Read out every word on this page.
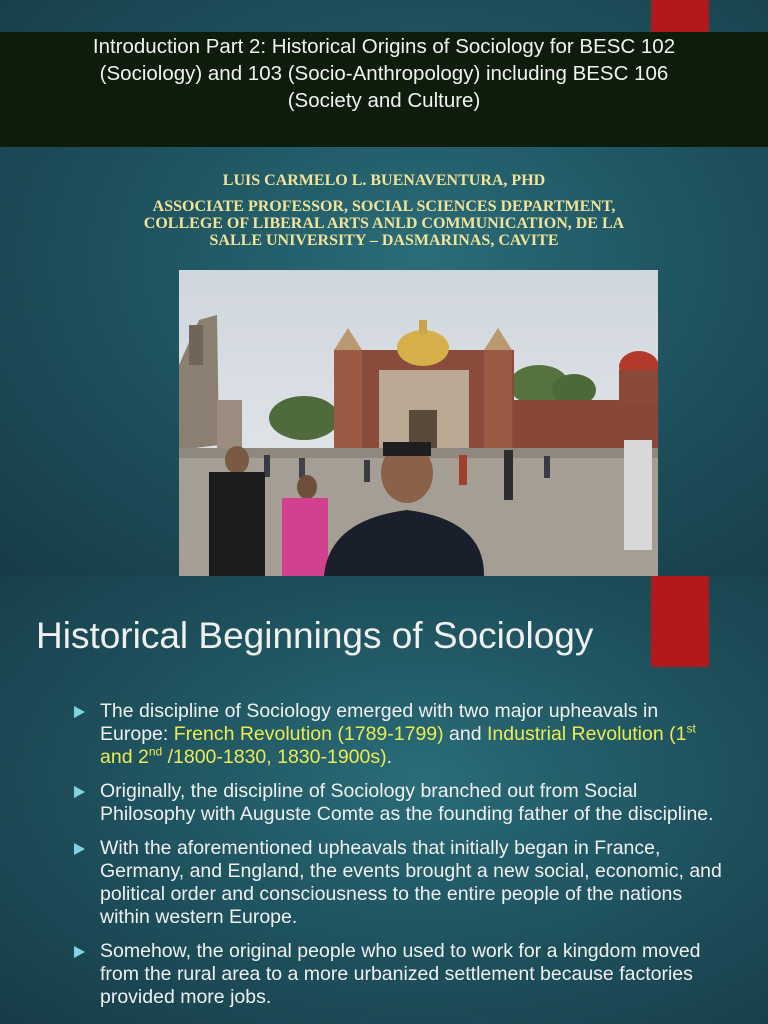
Introduction Part 2: Historical Origins of Sociology for BESC 102
(Sociology) and 103 (Socio-Anthropology) including BESC 106
(Society and Culture)
LUIS CARMELO L. BUENAVENTURA, PHD
ASSOCIATE PROFESSOR, SOCIAL SCIENCES DEPARTMENT,
COLLEGE OF LIBERAL ARTS ANLD COMMUNICATION, DE LA
SALLE UNIVERSITY – DASMARINAS, CAVITE
Historical Beginnings of Sociology
The discipline of Sociology emerged with two major upheavals in Europe: French Revolution (1789-1799) and Industrial Revolution (1st and 2nd /1800-1830, 1830-1900s).
Originally, the discipline of Sociology branched out from Social Philosophy with Auguste Comte as the founding father of the discipline.
With the aforementioned upheavals that initially began in France, Germany, and England, the events brought a new social, economic, and political order and consciousness to the entire people of the nations within western Europe.
Somehow, the original people who used to work for a kingdom moved from the rural area to a more urbanized settlement because factories provided more jobs.
